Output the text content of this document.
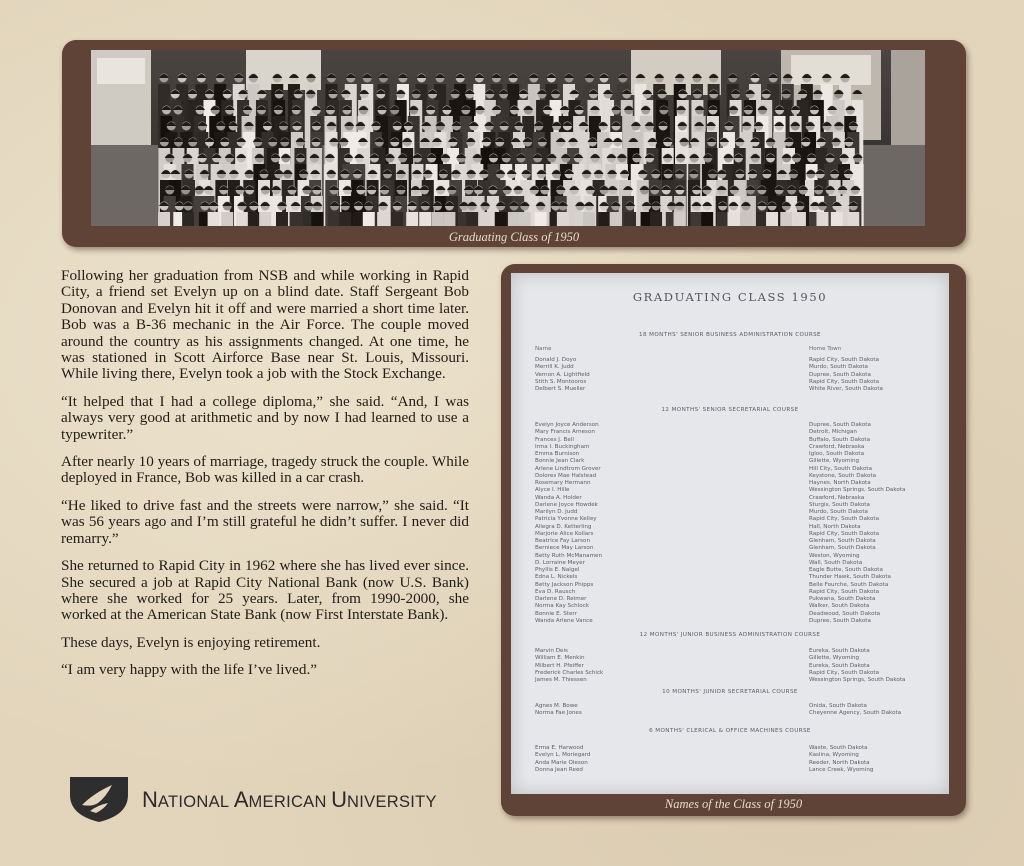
Graduating Class of 1950

Following her graduation from NSB and while working in Rapid City, a friend set Evelyn up on a blind date. Staff Sergeant Bob Donovan and Evelyn hit it off and were married a short time later. Bob was a B-36 mechanic in the Air Force. The couple moved around the country as his assignments changed. At one time, he was stationed in Scott Airforce Base near St. Louis, Missouri. While living there, Evelyn took a job with the Stock Exchange.

“It helped that I had a college diploma,” she said. “And, I was always very good at arithmetic and by now I had learned to use a typewriter.”

After nearly 10 years of marriage, tragedy struck the couple. While deployed in France, Bob was killed in a car crash.

“He liked to drive fast and the streets were narrow,” she said. “It was 56 years ago and I’m still grateful he didn’t suffer. I never did remarry.”

She returned to Rapid City in 1962 where she has lived ever since. She secured a job at Rapid City National Bank (now U.S. Bank) where she worked for 25 years. Later, from 1990-2000, she worked at the American State Bank (now First Interstate Bank).

These days, Evelyn is enjoying retirement.

“I am very happy with the life I’ve lived.”

GRADUATING CLASS 1950
18 MONTHS' SENIOR BUSINESS ADMINISTRATION COURSE
Name	Home Town
Donald J. Doyo
Merrill K. Judd
Vernon A. Lightfield
Stith S. Montooros
Delbert S. Mueller
Rapid City, South Dakota
Murdo, South Dakota
Dupree, South Dakota
Rapid City, South Dakota
White River, South Dakota
12 MONTHS' SENIOR SECRETARIAL COURSE
Evelyn Joyce Anderson
Mary Francis Arneson
Frances J. Bell
Irma I. Buckingham
Emma Burnison
Bonnie Jean Clark
Arlene Lindtrom Grover
Dolores Mae Halstead
Rosemary Hermann
Alyce I. Hille
Wanda A. Holder
Darlene Joyce Howdek
Marilyn D. Judd
Patricia Yvonne Kelley
Allegra D. Ketterling
Marjorie Alice Kollars
Beatrice Fay Larson
Berniece May Larson
Betty Ruth McManamen
D. Lorraine Meyer
Phyllis E. Nalgel
Edna L. Nickels
Betty Jackson Phipps
Eva D. Rausch
Darlene D. Reimer
Norma Kay Schlock
Bonnie E. Sterr
Wanda Arlene Vance
Dupree, South Dakota
Detroit, Michigan
Buffalo, South Dakota
Crawford, Nebraska
Igloo, South Dakota
Gillette, Wyoming
Hill City, South Dakota
Keystone, South Dakota
Haynes, North Dakota
Wessington Springs, South Dakota
Crawford, Nebraska
Sturgis, South Dakota
Murdo, South Dakota
Rapid City, South Dakota
Hall, North Dakota
Rapid City, South Dakota
Glenham, South Dakota
Glenham, South Dakota
Weston, Wyoming
Wall, South Dakota
Eagle Butte, South Dakota
Thunder Hawk, South Dakota
Belle Fourche, South Dakota
Rapid City, South Dakota
Pukwana, South Dakota
Walker, South Dakota
Deadwood, South Dakota
Dupree, South Dakota
12 MONTHS' JUNIOR BUSINESS ADMINISTRATION COURSE
Marvin Deis
William E. Menkin
Milbert H. Pfeiffer
Frederick Charles Schick
James M. Thiessen
Eureka, South Dakota
Gillette, Wyoming
Eureka, South Dakota
Rapid City, South Dakota
Wessington Springs, South Dakota
10 MONTHS' JUNIOR SECRETARIAL COURSE
Agnes M. Bowe
Norma Fae Jones
Onida, South Dakota
Cheyenne Agency, South Dakota
6 MONTHS' CLERICAL & OFFICE MACHINES COURSE
Erma E. Harwood
Evelyn L. Moriegard
Anda Marie Oleson
Donna Jean Reed
Waste, South Dakota
Kaslina, Wyoming
Reeder, North Dakota
Lance Creek, Wyoming
Names of the Class of 1950
NATIONAL AMERICAN UNIVERSITY
